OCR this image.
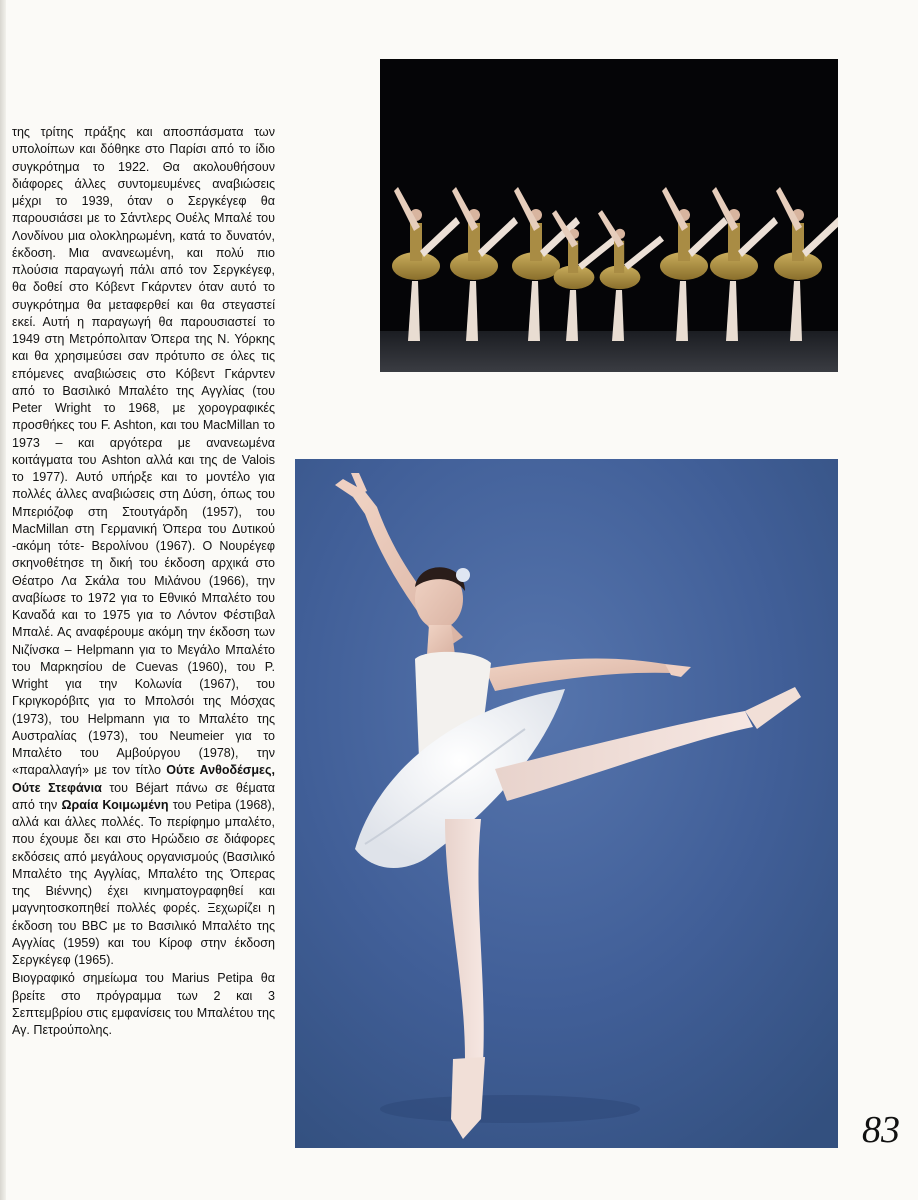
της τρίτης πράξης και αποσπάσματα των υπολοίπων και δόθηκε στο Παρίσι από το ίδιο συγκρότημα το 1922. Θα ακολουθήσουν διάφορες άλλες συντομευμένες αναβιώσεις μέχρι το 1939, όταν ο Σεργκέγεφ θα παρουσιάσει με το Σάντλερς Ουέλς Μπαλέ του Λονδίνου μια ολοκληρωμένη, κατά το δυνατόν, έκδοση. Μια ανανεωμένη, και πολύ πιο πλούσια παραγωγή πάλι από τον Σεργκέγεφ, θα δοθεί στο Κόβεντ Γκάρντεν όταν αυτό το συγκρότημα θα μεταφερθεί και θα στεγαστεί εκεί. Αυτή η παραγωγή θα παρουσιαστεί το 1949 στη Μετρόπολιταν Όπερα της Ν. Υόρκης και θα χρησιμεύσει σαν πρότυπο σε όλες τις επόμενες αναβιώσεις στο Κόβεντ Γκάρντεν από το Βασιλικό Μπαλέτο της Αγγλίας (του Peter Wright το 1968, με χορογραφικές προσθήκες του F. Ashton, και του MacMillan το 1973 – και αργότερα με ανανεωμένα κοιτάγματα του Ashton αλλά και της de Valois το 1977). Αυτό υπήρξε και το μοντέλο για πολλές άλλες αναβιώσεις στη Δύση, όπως του Μπεριόζοφ στη Στουτγάρδη (1957), του MacMillan στη Γερμανική Όπερα του Δυτικού -ακόμη τότε- Βερολίνου (1967). Ο Νουρέγεφ σκηνοθέτησε τη δική του έκδοση αρχικά στο Θέατρο Λα Σκάλα του Μιλάνου (1966), την αναβίωσε το 1972 για το Εθνικό Μπαλέτο του Καναδά και το 1975 για το Λόντον Φέστιβαλ Μπαλέ. Ας αναφέρουμε ακόμη την έκδοση των Νιζίνσκα – Helpmann για το Μεγάλο Μπαλέτο του Μαρκησίου de Cuevas (1960), του P. Wright για την Κολωνία (1967), του Γκριγκορόβιτς για το Μπολσόι της Μόσχας (1973), του Helpmann για το Μπαλέτο της Αυστραλίας (1973), του Neumeier για το Μπαλέτο του Αμβούργου (1978), την «παραλλαγή» με τον τίτλο Ούτε Ανθοδέσμες, Ούτε Στεφάνια του Béjart πάνω σε θέματα από την Ωραία Κοιμωμένη του Petipa (1968), αλλά και άλλες πολλές. Το περίφημο μπαλέτο, που έχουμε δει και στο Ηρώδειο σε διάφορες εκδόσεις από μεγάλους οργανισμούς (Βασιλικό Μπαλέτο της Αγγλίας, Μπαλέτο της Όπερας της Βιέννης) έχει κινηματογραφηθεί και μαγνητοσκοπηθεί πολλές φορές. Ξεχωρίζει η έκδοση του BBC με το Βασιλικό Μπαλέτο της Αγγλίας (1959) και του Κίροφ στην έκδοση Σεργκέγεφ (1965).

Βιογραφικό σημείωμα του Marius Petipa θα βρείτε στο πρόγραμμα των 2 και 3 Σεπτεμβρίου στις εμφανίσεις του Μπαλέτου της Αγ. Πετρούπολης.

83
